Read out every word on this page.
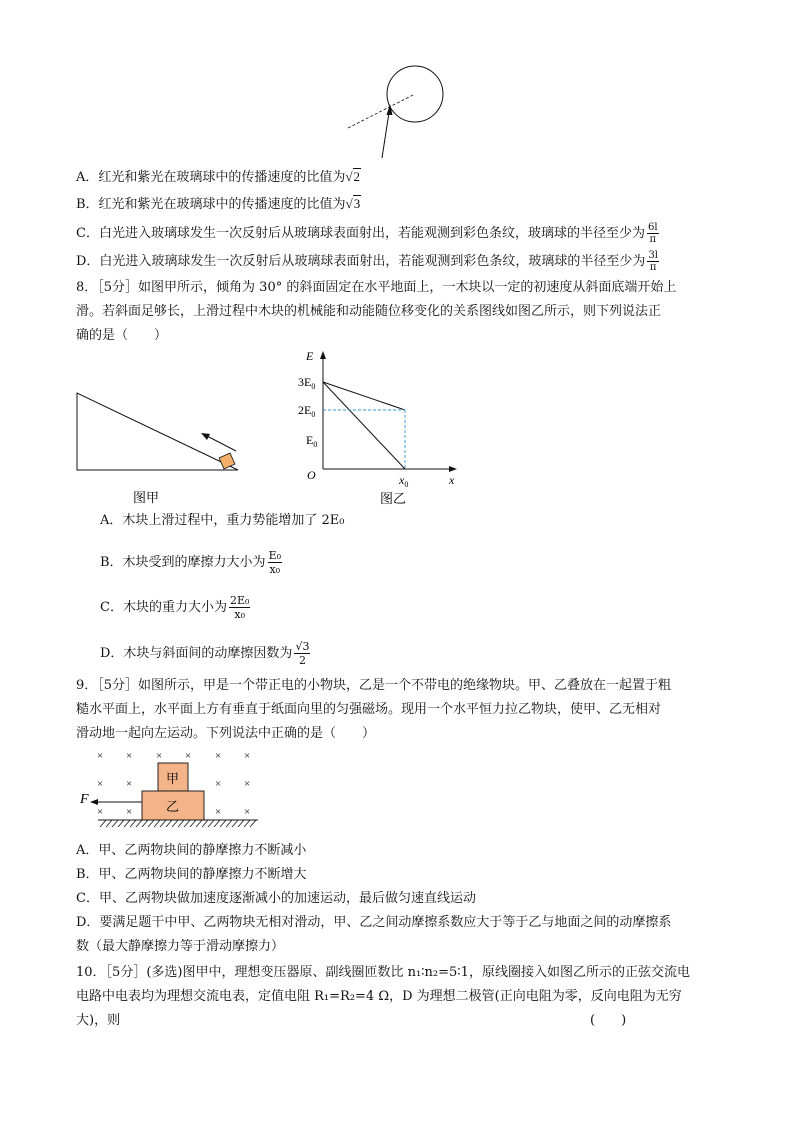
A．红光和紫光在玻璃球中的传播速度的比值为√2
B．红光和紫光在玻璃球中的传播速度的比值为√3
C．白光进入玻璃球发生一次反射后从玻璃球表面射出，若能观测到彩色条纹，玻璃球的半径至少为 $\frac{6l}{\pi}$
D．白光进入玻璃球发生一次反射后从玻璃球表面射出，若能观测到彩色条纹，玻璃球的半径至少为 $\frac{3l}{\pi}$
8．［5分］如图甲所示，倾角为 30° 的斜面固定在水平地面上，一木块以一定的初速度从斜面底端开始上
滑。若斜面足够长，上滑过程中木块的机械能和动能随位移变化的关系图线如图乙所示，则下列说法正
确的是（　　）
图甲
E
x
O
$3E_0$
$2E_0$
$E_0$
$x_0$
图乙
A．木块上滑过程中，重力势能增加了 2E₀
B．木块受到的摩擦力大小为 $\frac{\text{E₀}}{\text{x₀}}$
C．木块的重力大小为 $\frac{\text{2E₀}}{\text{x₀}}$
D．木块与斜面间的动摩擦因数为 $\frac{√3}{2}$
9．［5分］如图所示，甲是一个带正电的小物块，乙是一个不带电的绝缘物块。甲、乙叠放在一起置于粗
糙水平面上，水平面上方有垂直于纸面向里的匀强磁场。现用一个水平恒力拉乙物块，使甲、乙无相对
滑动地一起向左运动。下列说法中正确的是（　　）
× × × × × ×
× ×	× ×
× ×	× ×
甲
乙
F
A．甲、乙两物块间的静摩擦力不断减小
B．甲、乙两物块间的静摩擦力不断增大
C．甲、乙两物块做加速度逐渐减小的加速运动，最后做匀速直线运动
D．要满足题干中甲、乙两物块无相对滑动，甲、乙之间动摩擦系数应大于等于乙与地面之间的动摩擦系
数（最大静摩擦力等于滑动摩擦力）
10．［5分］(多选)图甲中，理想变压器原、副线圈匝数比 n₁∶n₂=5∶1，原线圈接入如图乙所示的正弦交流电
电路中电表均为理想交流电表，定值电阻 R₁=R₂=4 Ω，D 为理想二极管(正向电阻为零，反向电阻为无穷
大)，则	(　　)
